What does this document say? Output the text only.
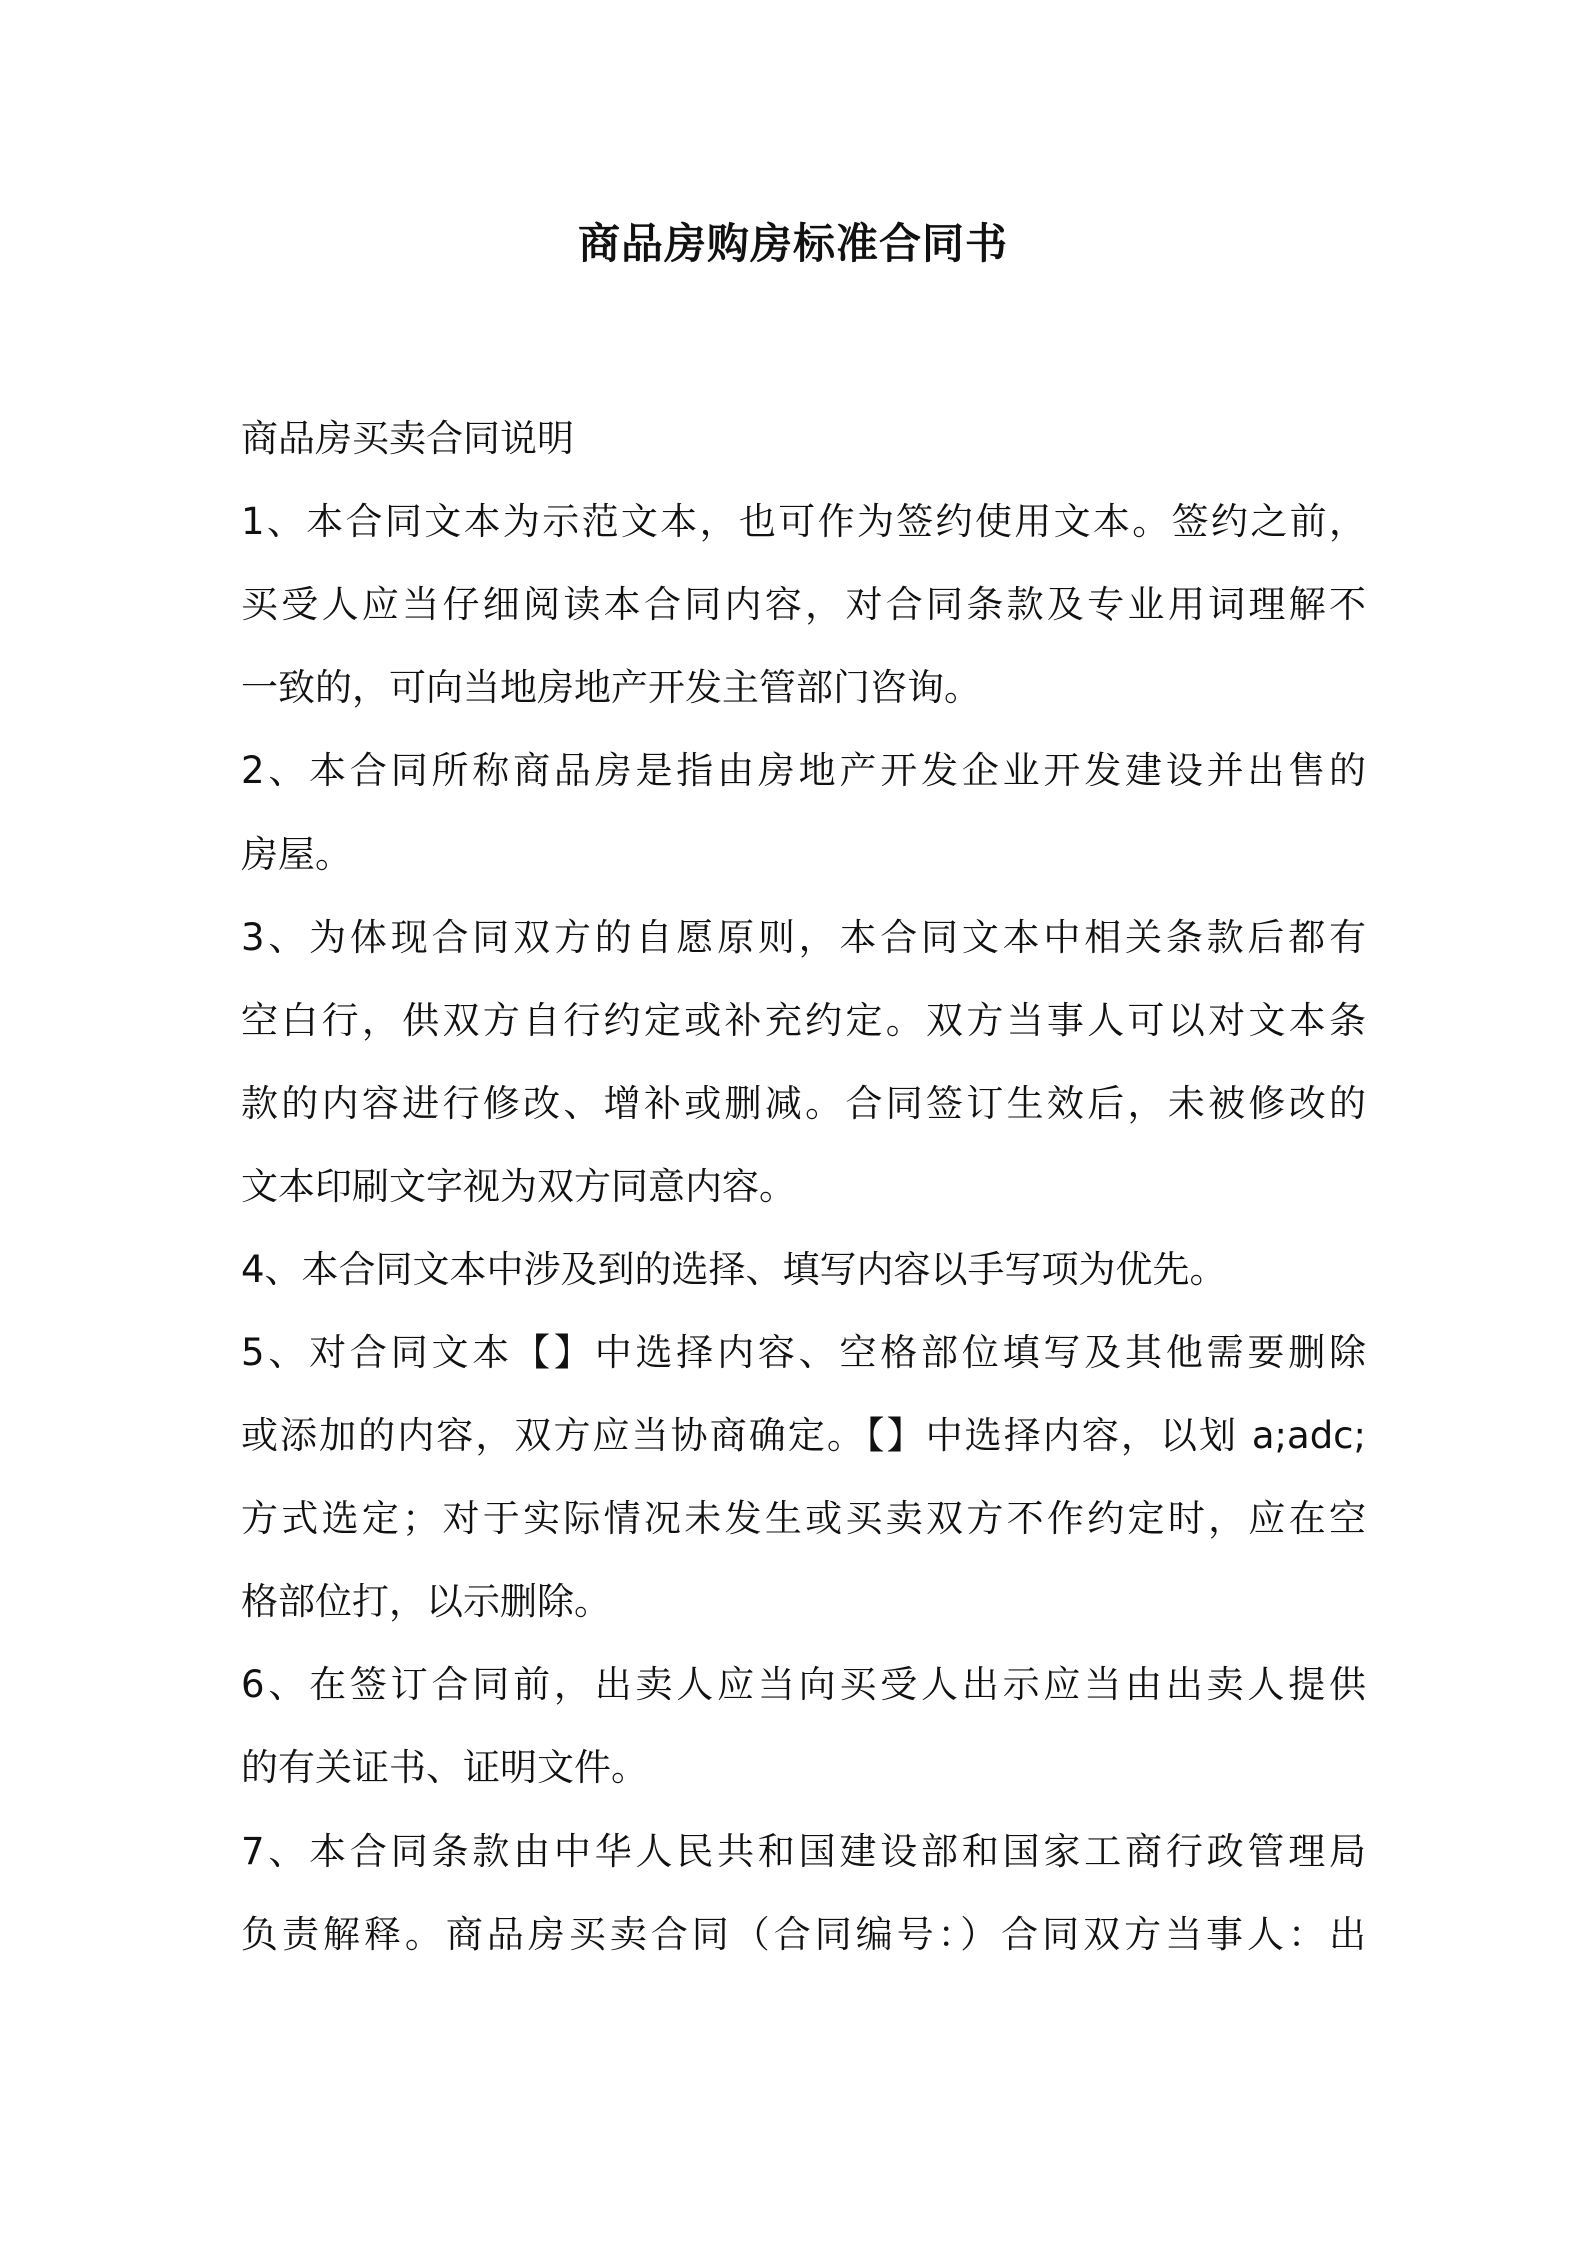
商品房购房标准合同书
商品房买卖合同说明
1、本合同文本为示范文本，也可作为签约使用文本。签约之前，
买受人应当仔细阅读本合同内容，对合同条款及专业用词理解不
一致的，可向当地房地产开发主管部门咨询。
2、本合同所称商品房是指由房地产开发企业开发建设并出售的
房屋。
3、为体现合同双方的自愿原则，本合同文本中相关条款后都有
空白行，供双方自行约定或补充约定。双方当事人可以对文本条
款的内容进行修改、增补或删减。合同签订生效后，未被修改的
文本印刷文字视为双方同意内容。
4、本合同文本中涉及到的选择、填写内容以手写项为优先。
5、对合同文本【】中选择内容、空格部位填写及其他需要删除
或添加的内容，双方应当协商确定。【】中选择内容，以划 a;adc;
方式选定；对于实际情况未发生或买卖双方不作约定时，应在空
格部位打，以示删除。
6、在签订合同前，出卖人应当向买受人出示应当由出卖人提供
的有关证书、证明文件。
7、本合同条款由中华人民共和国建设部和国家工商行政管理局
负责解释。商品房买卖合同（合同编号：）合同双方当事人：出
